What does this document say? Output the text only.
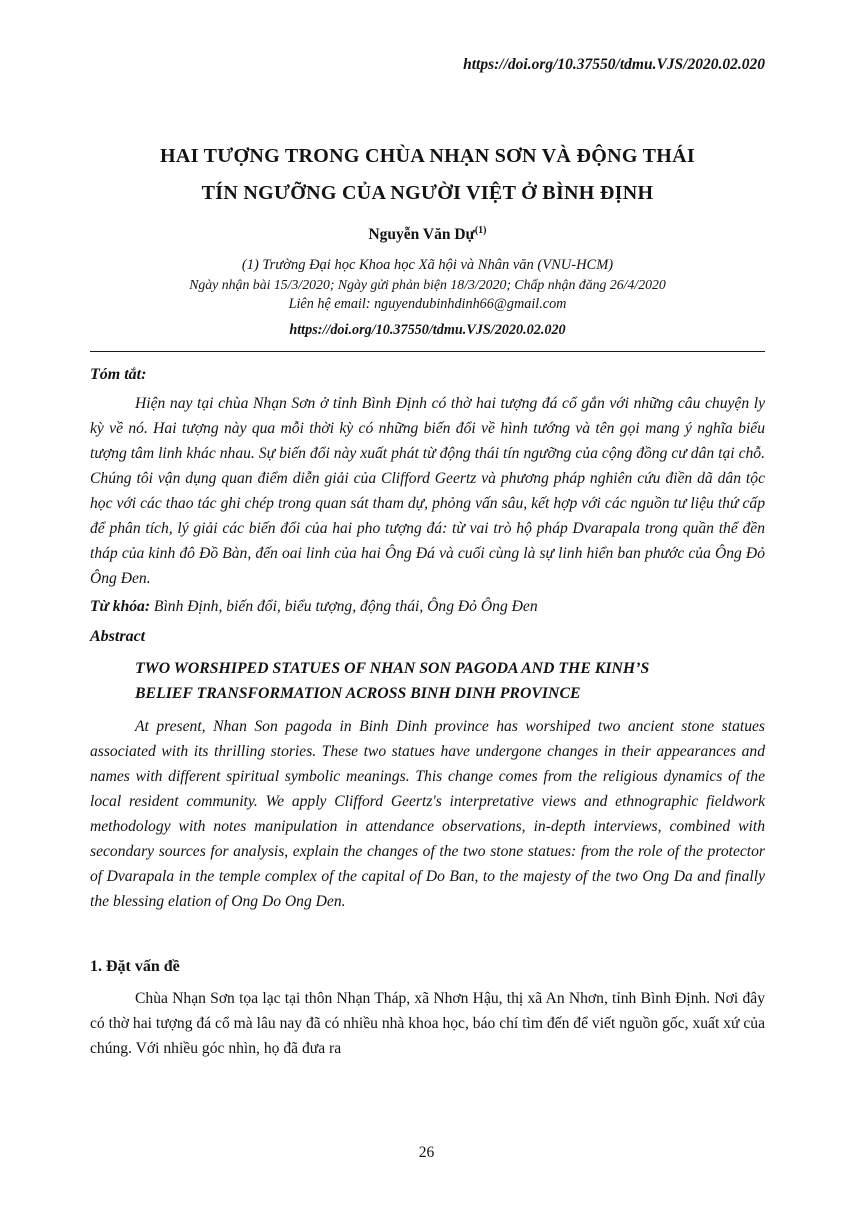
https://doi.org/10.37550/tdmu.VJS/2020.02.020
HAI TƯỢNG TRONG CHÙA NHẠN SƠN VÀ ĐỘNG THÁI
TÍN NGƯỠNG CỦA NGƯỜI VIỆT Ở BÌNH ĐỊNH
Nguyễn Văn Dự$^{(1)}$
(1) Trường Đại học Khoa học Xã hội và Nhân văn (VNU-HCM)
Ngày nhận bài 15/3/2020; Ngày gửi phản biện 18/3/2020; Chấp nhận đăng 26/4/2020
Liên hệ email: nguyendubinhdinh66@gmail.com
https://doi.org/10.37550/tdmu.VJS/2020.02.020
Tóm tắt:

Hiện nay tại chùa Nhạn Sơn ở tỉnh Bình Định có thờ hai tượng đá cổ gắn với những câu chuyện ly kỳ về nó. Hai tượng này qua mỗi thời kỳ có những biến đổi về hình tướng và tên gọi mang ý nghĩa biểu tượng tâm linh khác nhau. Sự biến đổi này xuất phát từ động thái tín ngưỡng của cộng đồng cư dân tại chỗ. Chúng tôi vận dụng quan điểm diễn giải của Clifford Geertz và phương pháp nghiên cứu điền dã dân tộc học với các thao tác ghi chép trong quan sát tham dự, phỏng vấn sâu, kết hợp với các nguồn tư liệu thứ cấp để phân tích, lý giải các biến đổi của hai pho tượng đá: từ vai trò hộ pháp Dvarapala trong quần thể đền tháp của kinh đô Đồ Bàn, đến oai linh của hai Ông Đá và cuối cùng là sự linh hiển ban phước của Ông Đỏ Ông Đen.

Từ khóa: Bình Định, biến đổi, biểu tượng, động thái, Ông Đỏ Ông Đen
Abstract
TWO WORSHIPED STATUES OF NHAN SON PAGODA AND THE KINH’S
BELIEF TRANSFORMATION ACROSS BINH DINH PROVINCE

At present, Nhan Son pagoda in Binh Dinh province has worshiped two ancient stone statues associated with its thrilling stories. These two statues have undergone changes in their appearances and names with different spiritual symbolic meanings. This change comes from the religious dynamics of the local resident community. We apply Clifford Geertz's interpretative views and ethnographic fieldwork methodology with notes manipulation in attendance observations, in-depth interviews, combined with secondary sources for analysis, explain the changes of the two stone statues: from the role of the protector of Dvarapala in the temple complex of the capital of Do Ban, to the majesty of the two Ong Da and finally the blessing elation of Ong Do Ong Den.

1. Đặt vấn đề

Chùa Nhạn Sơn tọa lạc tại thôn Nhạn Tháp, xã Nhơn Hậu, thị xã An Nhơn, tỉnh Bình Định. Nơi đây có thờ hai tượng đá cổ mà lâu nay đã có nhiều nhà khoa học, báo chí tìm đến để viết nguồn gốc, xuất xứ của chúng. Với nhiều góc nhìn, họ đã đưa ra

26
